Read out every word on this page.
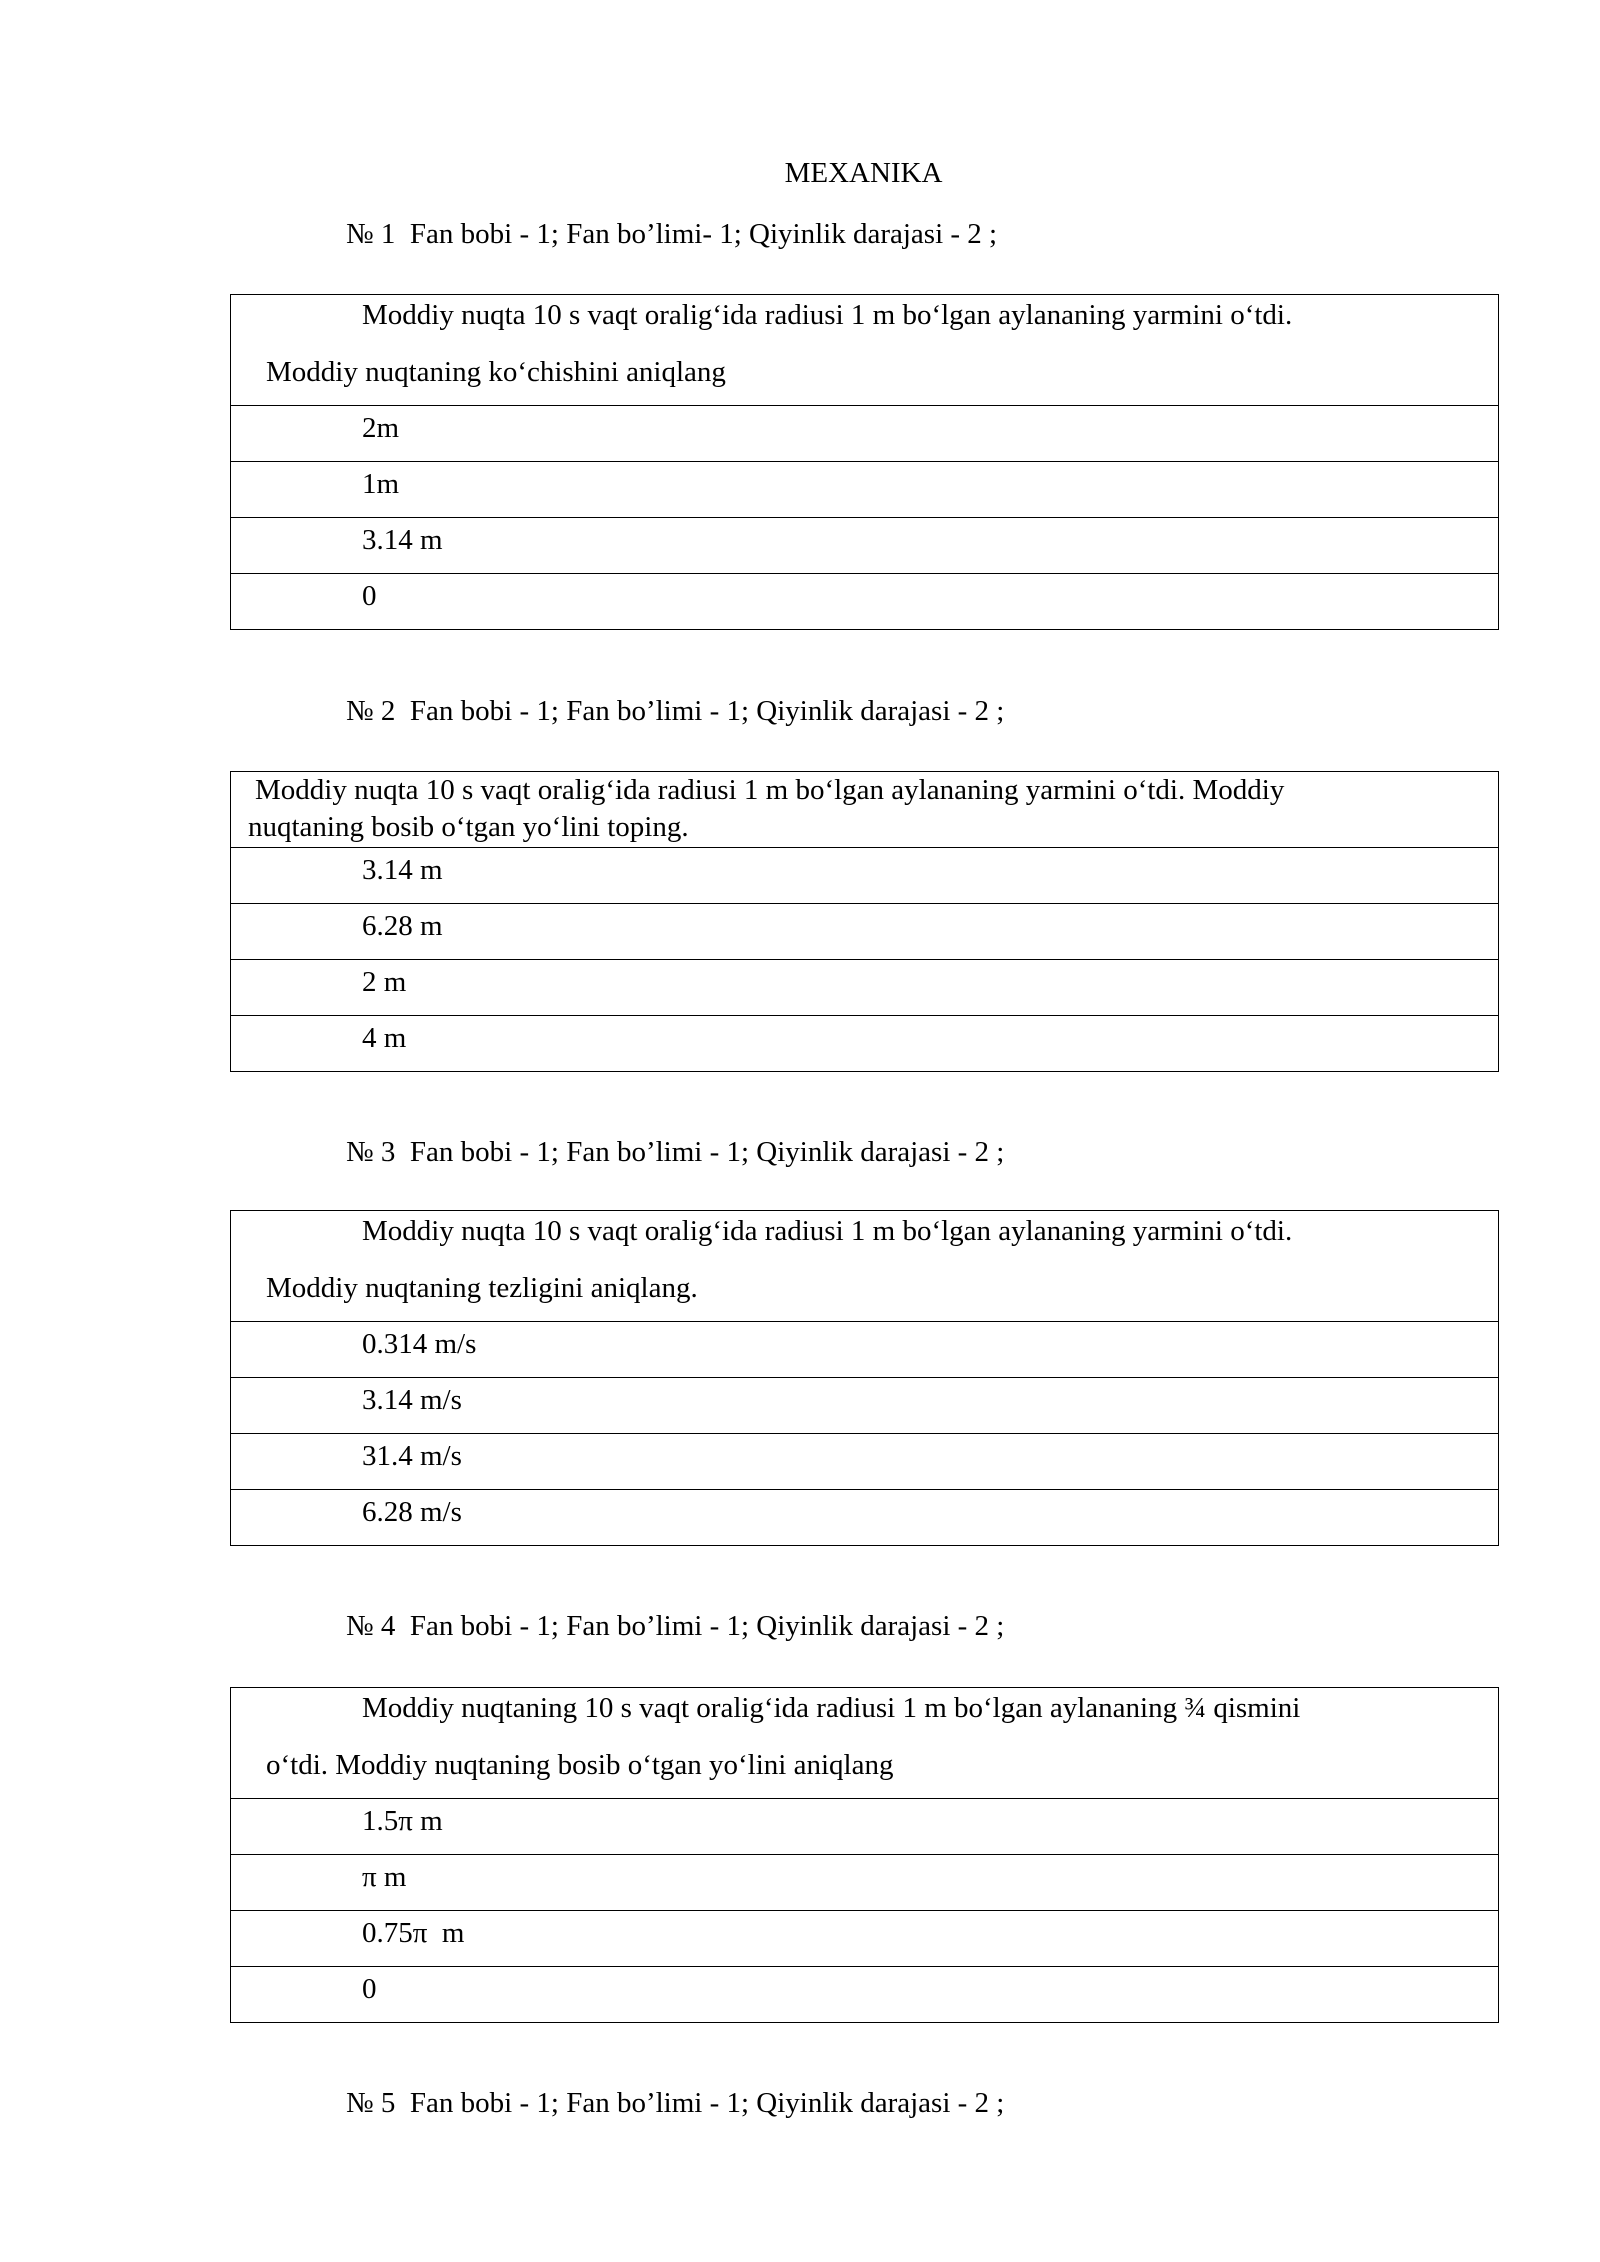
MEXANIKA
№ 1  Fan bobi - 1; Fan bo’limi- 1; Qiyinlik darajasi - 2 ;
Moddiy nuqta 10 s vaqt oralig‘ida radiusi 1 m bo‘lgan aylananing yarmini o‘tdi.
Moddiy nuqtaning ko‘chishini aniqlang
2m
1m
3.14 m
0
№ 2  Fan bobi - 1; Fan bo’limi - 1; Qiyinlik darajasi - 2 ;
Moddiy nuqta 10 s vaqt oralig‘ida radiusi 1 m bo‘lgan aylananing yarmini o‘tdi. Moddiy
nuqtaning bosib o‘tgan yo‘lini toping.
3.14 m
6.28 m
2 m
4 m
№ 3  Fan bobi - 1; Fan bo’limi - 1; Qiyinlik darajasi - 2 ;
Moddiy nuqta 10 s vaqt oralig‘ida radiusi 1 m bo‘lgan aylananing yarmini o‘tdi.
Moddiy nuqtaning tezligini aniqlang.
0.314 m/s
3.14 m/s
31.4 m/s
6.28 m/s
№ 4  Fan bobi - 1; Fan bo’limi - 1; Qiyinlik darajasi - 2 ;
Moddiy nuqtaning 10 s vaqt oralig‘ida radiusi 1 m bo‘lgan aylananing ¾ qismini
o‘tdi. Moddiy nuqtaning bosib o‘tgan yo‘lini aniqlang
1.5π m
π m
0.75π  m
0
№ 5  Fan bobi - 1; Fan bo’limi - 1; Qiyinlik darajasi - 2 ;
